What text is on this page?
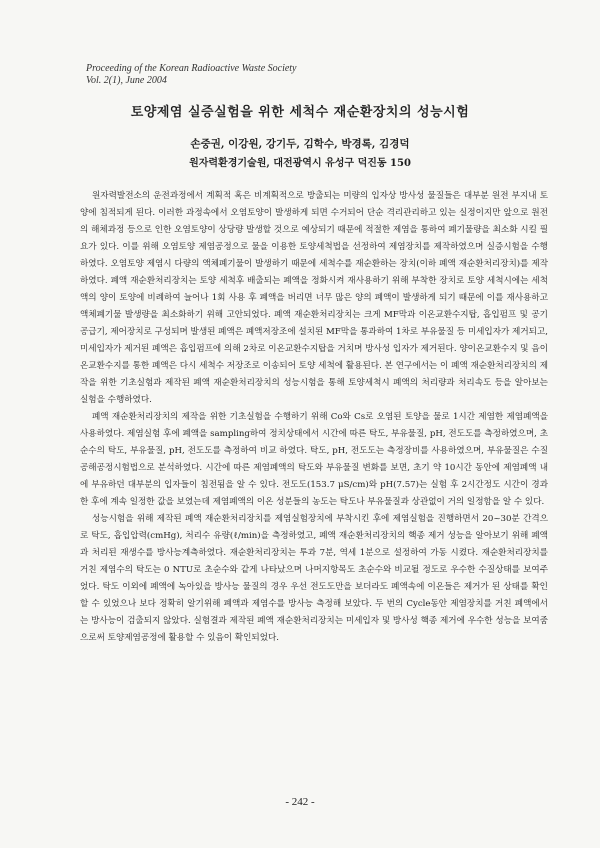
Proceeding of the Korean Radioactive Waste Society
Vol. 2(1), June 2004
토양제염 실증실험을 위한 세척수 재순환장치의 성능시험
손중권, 이강원, 강기두, 김학수, 박경록, 김경덕
원자력환경기술원, 대전광역시 유성구 덕진동 150

원자력발전소의 운전과정에서 계획적 혹은 비계획적으로 방출되는 미량의 입자상 방사성 물질들은 대부분 원전 부지내 토양에 침적되게 된다. 이러한 과정속에서 오염토양이 발생하게 되면 수거되어 단순 격리관리하고 있는 실정이지만 앞으로 원전의 해체과정 등으로 인한 오염토양이 상당량 발생할 것으로 예상되기 때문에 적절한 제염을 통하여 폐기물량을 최소화 시킬 필요가 있다. 이를 위해 오염토양 제염공정으로 물을 이용한 토양세척법을 선정하여 제염장치를 제작하였으며 실증시험을 수행하였다. 오염토양 제염시 다량의 액체폐기물이 발생하기 때문에 세척수를 재순환하는 장치(이하 폐액 재순환처리장치)를 제작하였다. 폐액 재순환처리장치는 토양 세척후 배출되는 폐액을 정화시켜 재사용하기 위해 부착한 장치로 토양 세척시에는 세척액의 양이 토양에 비례하여 늘어나 1회 사용 후 폐액을 버리면 너무 많은 양의 폐액이 발생하게 되기 때문에 이를 재사용하고 액체폐기물 발생량을 최소화하기 위해 고안되었다. 폐액 재순환처리장치는 크게 MF막과 이온교환수지탑, 흡입펌프 및 공기공급기, 제어장치로 구성되며 발생된 폐액은 폐액저장조에 설치된 MF막을 통과하여 1차로 부유물질 등 미세입자가 제거되고, 미세입자가 제거된 폐액은 흡입펌프에 의해 2차로 이온교환수지탑을 거치며 방사성 입자가 제거된다. 양이온교환수지 및 음이온교환수지를 통한 폐액은 다시 세척수 저장조로 이송되어 토양 세척에 활용된다. 본 연구에서는 이 폐액 재순환처리장치의 제작을 위한 기초실험과 제작된 폐액 재순환처리장치의 성능시험을 통해 토양세척시 폐액의 처리량과 처리속도 등을 알아보는 실험을 수행하였다.

폐액 재순환처리장치의 제작을 위한 기초실험을 수행하기 위해 Co와 Cs로 오염된 토양을 물로 1시간 제염한 제염폐액을 사용하였다. 제염실험 후에 폐액을 sampling하여 정치상태에서 시간에 따른 탁도, 부유물질, pH, 전도도를 측정하였으며, 초순수의 탁도, 부유물질, pH, 전도도를 측정하여 비교 하였다. 탁도, pH, 전도도는 측정장비를 사용하였으며, 부유물질은 수질 공해공정시험법으로 분석하였다. 시간에 따른 제염폐액의 탁도와 부유물질 변화를 보면, 초기 약 10시간 동안에 제염폐액 내에 부유하던 대부분의 입자들이 침전됨을 알 수 있다. 전도도(153.7 μS/cm)와 pH(7.57)는 실험 후 2시간정도 시간이 경과한 후에 계속 일정한 값을 보였는데 제염폐액의 이온 성분들의 농도는 탁도나 부유물질과 상관없이 거의 일정함을 알 수 있다.

성능시험을 위해 제작된 폐액 재순환처리장치를 제염실험장치에 부착시킨 후에 제염실험을 진행하면서 20~30분 간격으로 탁도, 흡입압력(cmHg), 처리수 유량(ℓ/min)을 측정하였고, 폐액 재순환처리장치의 핵종 제거 성능을 알아보기 위해 폐액과 처리된 재생수를 방사능계측하였다. 재순환처리장치는 투과 7분, 역세 1분으로 설정하여 가동 시켰다. 재순환처리장치를 거친 제염수의 탁도는 0 NTU로 초순수와 같게 나타났으며 나머지항목도 초순수와 비교될 정도로 우수한 수질상태를 보여주었다. 탁도 이외에 폐액에 녹아있을 방사능 물질의 경우 우선 전도도만을 보더라도 폐액속에 이온들은 제거가 된 상태를 확인할 수 있었으나 보다 정확히 알기위해 폐액과 제염수를 방사능 측정해 보았다. 두 번의 Cycle동안 제염장치를 거친 폐액에서는 방사능이 검출되지 않았다. 실험결과 제작된 폐액 재순환처리장치는 미세입자 및 방사성 핵종 제거에 우수한 성능을 보여줌으로써 토양제염공정에 활용할 수 있음이 확인되었다.

- 242 -
